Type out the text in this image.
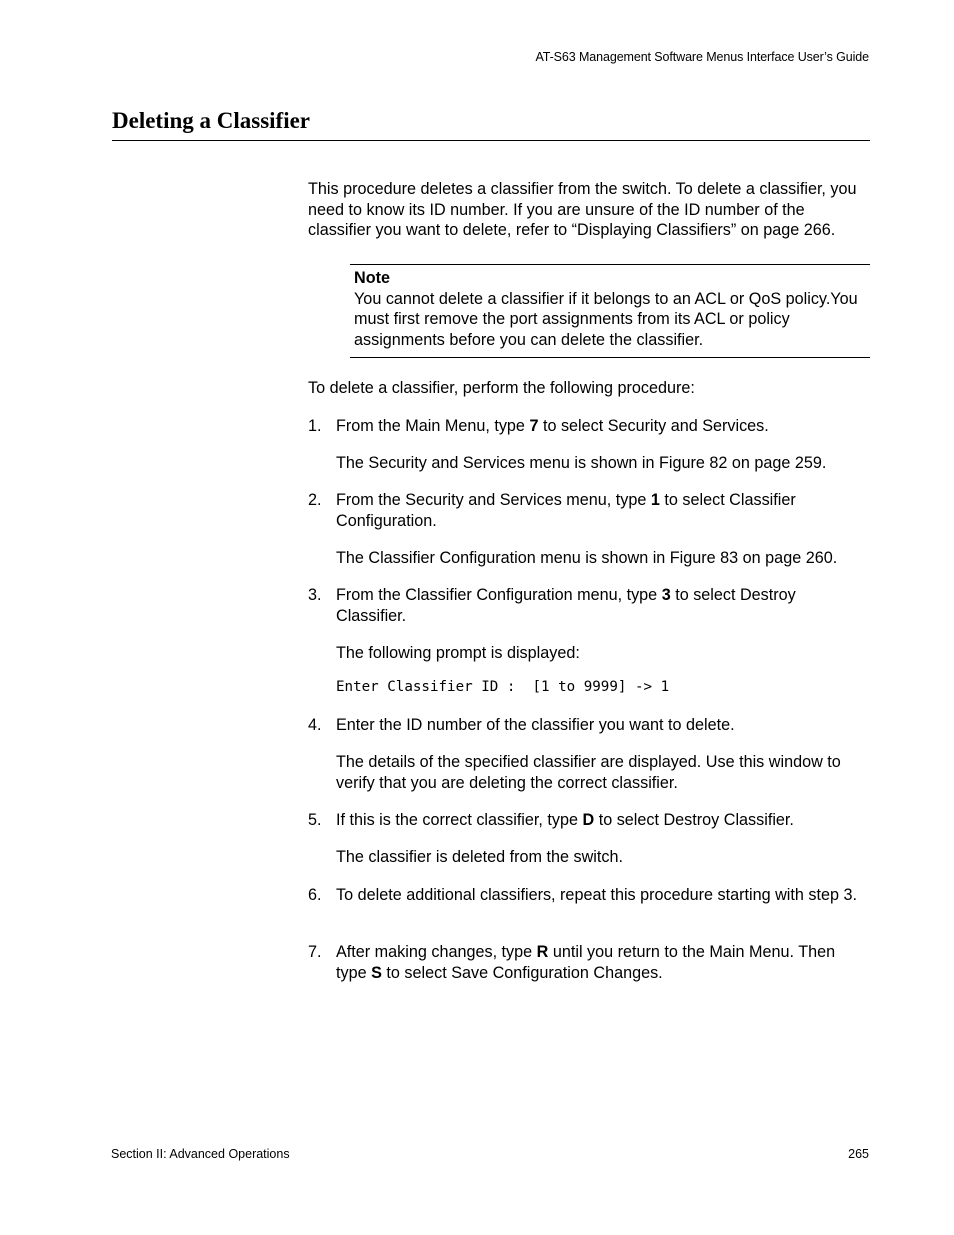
AT-S63 Management Software Menus Interface User’s Guide
Deleting a Classifier

This procedure deletes a classifier from the switch. To delete a classifier, you need to know its ID number. If you are unsure of the ID number of the classifier you want to delete, refer to “Displaying Classifiers” on page 266.

Note
You cannot delete a classifier if it belongs to an ACL or QoS policy.You must first remove the port assignments from its ACL or policy assignments before you can delete the classifier.

To delete a classifier, perform the following procedure:

1. From the Main Menu, type 7 to select Security and Services.
The Security and Services menu is shown in Figure 82 on page 259.
2. From the Security and Services menu, type 1 to select Classifier Configuration.
The Classifier Configuration menu is shown in Figure 83 on page 260.
3. From the Classifier Configuration menu, type 3 to select Destroy Classifier.
The following prompt is displayed:
Enter Classifier ID :  [1 to 9999] -> 1
4. Enter the ID number of the classifier you want to delete.
The details of the specified classifier are displayed. Use this window to verify that you are deleting the correct classifier.
5. If this is the correct classifier, type D to select Destroy Classifier.
The classifier is deleted from the switch.
6. To delete additional classifiers, repeat this procedure starting with step 3.
7. After making changes, type R until you return to the Main Menu. Then type S to select Save Configuration Changes.
Section II: Advanced Operations	265
